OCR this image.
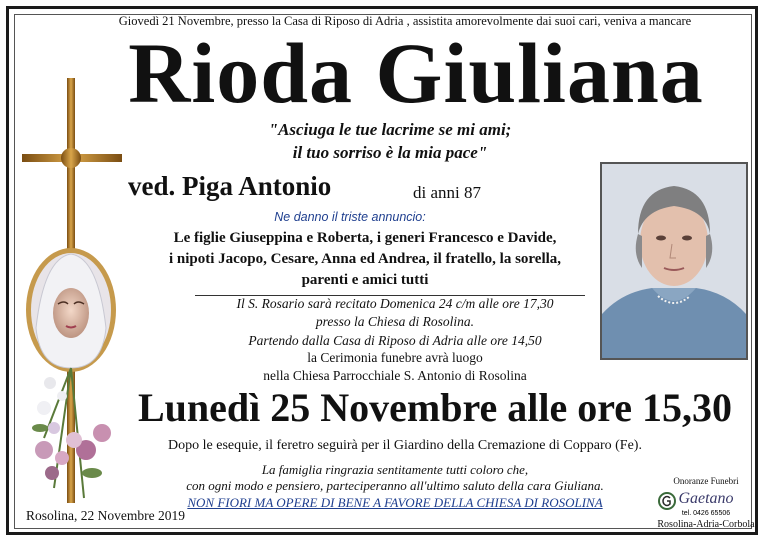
Giovedì 21 Novembre, presso la Casa di Riposo di Adria , assistita amorevolmente dai suoi cari, veniva a mancare
Rioda Giuliana
"Asciuga le tue lacrime se mi ami;
il tuo sorriso è la mia pace"
ved. Piga Antonio	di anni 87
Ne danno il triste annuncio:
Le figlie Giuseppina e Roberta, i generi Francesco e Davide,
i nipoti Jacopo, Cesare, Anna ed Andrea, il fratello, la sorella,
parenti e amici tutti
Il S. Rosario sarà recitato Domenica 24 c/m alle ore 17,30
presso la Chiesa di Rosolina.
Partendo dalla Casa di Riposo di Adria alle ore 14,50
la Cerimonia funebre avrà luogo
nella Chiesa Parrocchiale S. Antonio di Rosolina
Lunedì 25 Novembre alle ore 15,30
Dopo le esequie, il feretro seguirà per il Giardino della Cremazione di Copparo (Fe).
La famiglia ringrazia sentitamente tutti coloro che,
con ogni modo e pensiero, parteciperanno all'ultimo saluto della cara Giuliana.
NON FIORI MA OPERE DI BENE A FAVORE DELLA CHIESA DI ROSOLINA
Rosolina, 22 Novembre 2019
Onoranze Funebri
Gaetano
tel. 0426 65506
Rosolina-Adria-Corbola
